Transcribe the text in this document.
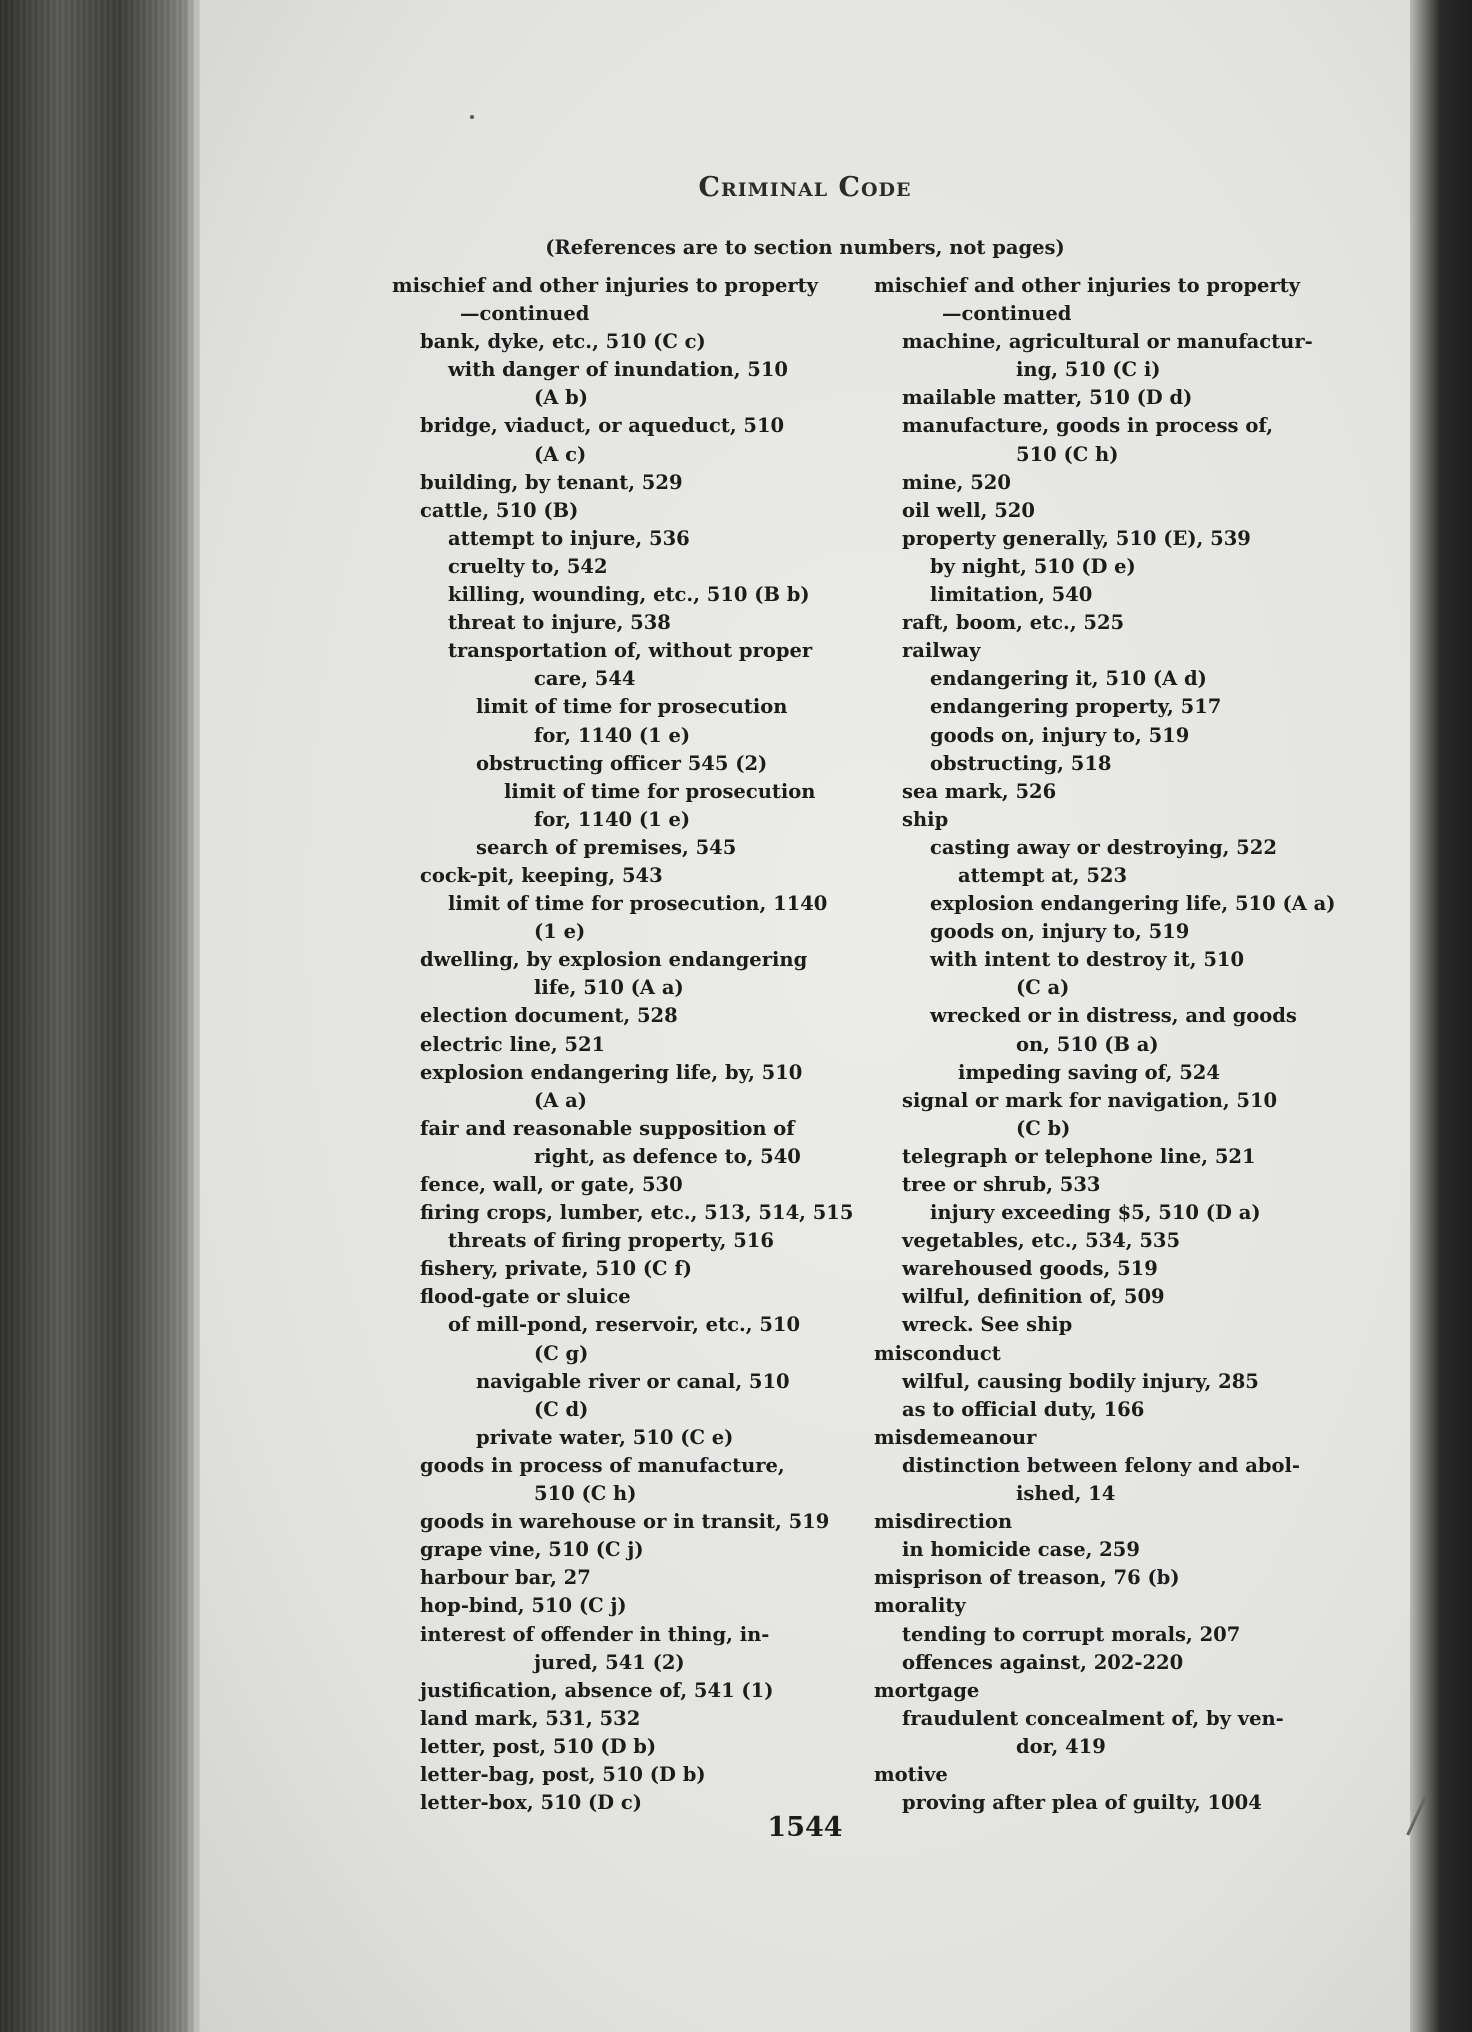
Criminal Code
(References are to section numbers, not pages)
mischief and other injuries to property
—continued
bank, dyke, etc., 510 (C c)
with danger of inundation, 510
(A b)
bridge, viaduct, or aqueduct, 510
(A c)
building, by tenant, 529
cattle, 510 (B)
attempt to injure, 536
cruelty to, 542
killing, wounding, etc., 510 (B b)
threat to injure, 538
transportation of, without proper
care, 544
limit of time for prosecution
for, 1140 (1 e)
obstructing officer 545 (2)
limit of time for prosecution
for, 1140 (1 e)
search of premises, 545
cock-pit, keeping, 543
limit of time for prosecution, 1140
(1 e)
dwelling, by explosion endangering
life, 510 (A a)
election document, 528
electric line, 521
explosion endangering life, by, 510
(A a)
fair and reasonable supposition of
right, as defence to, 540
fence, wall, or gate, 530
firing crops, lumber, etc., 513, 514, 515
threats of firing property, 516
fishery, private, 510 (C f)
flood-gate or sluice
of mill-pond, reservoir, etc., 510
(C g)
navigable river or canal, 510
(C d)
private water, 510 (C e)
goods in process of manufacture,
510 (C h)
goods in warehouse or in transit, 519
grape vine, 510 (C j)
harbour bar, 27
hop-bind, 510 (C j)
interest of offender in thing, in-
jured, 541 (2)
justification, absence of, 541 (1)
land mark, 531, 532
letter, post, 510 (D b)
letter-bag, post, 510 (D b)
letter-box, 510 (D c)
mischief and other injuries to property
—continued
machine, agricultural or manufactur-
ing, 510 (C i)
mailable matter, 510 (D d)
manufacture, goods in process of,
510 (C h)
mine, 520
oil well, 520
property generally, 510 (E), 539
by night, 510 (D e)
limitation, 540
raft, boom, etc., 525
railway
endangering it, 510 (A d)
endangering property, 517
goods on, injury to, 519
obstructing, 518
sea mark, 526
ship
casting away or destroying, 522
attempt at, 523
explosion endangering life, 510 (A a)
goods on, injury to, 519
with intent to destroy it, 510
(C a)
wrecked or in distress, and goods
on, 510 (B a)
impeding saving of, 524
signal or mark for navigation, 510
(C b)
telegraph or telephone line, 521
tree or shrub, 533
injury exceeding $5, 510 (D a)
vegetables, etc., 534, 535
warehoused goods, 519
wilful, definition of, 509
wreck. See ship
misconduct
wilful, causing bodily injury, 285
as to official duty, 166
misdemeanour
distinction between felony and abol-
ished, 14
misdirection
in homicide case, 259
misprison of treason, 76 (b)
morality
tending to corrupt morals, 207
offences against, 202-220
mortgage
fraudulent concealment of, by ven-
dor, 419
motive
proving after plea of guilty, 1004
1544
